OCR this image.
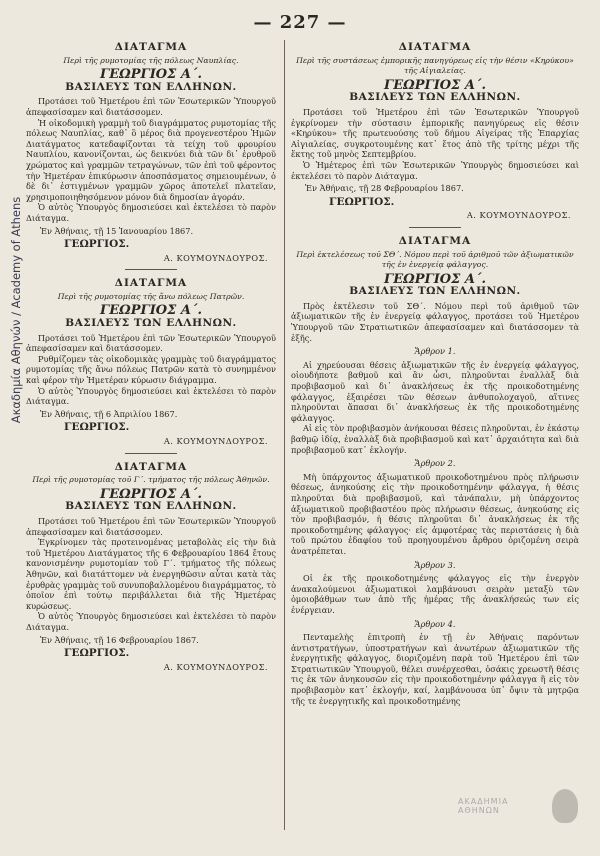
Ακαδημία Αθηνών / Academy of Athens
— 227 —
ΔΙΑΤΑΓΜΑ
Περὶ τῆς ρυμοτομίας τῆς πόλεως Ναυπλίας.
ΓΕΩΡΓΙΟΣ Α΄.
ΒΑΣΙΛΕΥΣ ΤΩΝ ΕΛΛΗΝΩΝ.

Προτάσει τοῦ Ἡμετέρου ἐπὶ τῶν Ἐσωτερικῶν Ὑπουργοῦ ἀπεφασίσαμεν καὶ διατάσσομεν.

Ἡ οἰκοδομικὴ γραμμὴ τοῦ διαγράμματος ρυμοτομίας τῆς πόλεως Ναυπλίας, καθ᾽ ὃ μέρος διὰ προγενεστέρου Ἡμῶν Διατάγματος κατεδαφίζονται τὰ τείχη τοῦ φρουρίου Ναυπλίου, κανονίζονται, ὡς δεικνύει διὰ τῶν δι᾽ ἐρυθροῦ χρώματος καὶ γραμμῶν τετραγώνων, τῶν ἐπὶ τοῦ φέροντος τὴν Ἡμετέραν ἐπικύρωσιν ἀποσπάσματος σημειουμένων, ὁ δὲ δι᾽ ἐστιγμένων γραμμῶν χῶρος ἀποτελεῖ πλατεῖαν, χρησιμοποιηθησόμενον μόνον διὰ δημοσίαν ἀγοράν.

Ὁ αὐτὸς Ὑπουργὸς δημοσιεύσει καὶ ἐκτελέσει τὸ παρὸν Διάταγμα.

Ἐν Ἀθήναις, τῇ 15 Ἰανουαρίου 1867.
ΓΕΩΡΓΙΟΣ.
Α. ΚΟΥΜΟΥΝΔΟΥΡΟΣ.
ΔΙΑΤΑΓΜΑ
Περὶ τῆς ρυμοτομίας τῆς ἄνω πόλεως Πατρῶν.
ΓΕΩΡΓΙΟΣ Α΄.
ΒΑΣΙΛΕΥΣ ΤΩΝ ΕΛΛΗΝΩΝ.

Προτάσει τοῦ Ἡμετέρου ἐπὶ τῶν Ἐσωτερικῶν Ὑπουργοῦ ἀπεφασίσαμεν καὶ διατάσσομεν.

Ρυθμίζομεν τὰς οἰκοδομικὰς γραμμὰς τοῦ διαγράμματος ρυμοτομίας τῆς ἄνω πόλεως Πατρῶν κατὰ τὸ συνημμένον καὶ φέρον τὴν Ἡμετέραν κύρωσιν διάγραμμα.

Ὁ αὐτὸς Ὑπουργὸς δημοσιεύσει καὶ ἐκτελέσει τὸ παρὸν Διάταγμα.

Ἐν Ἀθήναις, τῇ 6 Ἀπριλίου 1867.
ΓΕΩΡΓΙΟΣ.
Α. ΚΟΥΜΟΥΝΔΟΥΡΟΣ.
ΔΙΑΤΑΓΜΑ
Περὶ τῆς ρυμοτομίας τοῦ Γ΄. τμήματος τῆς πόλεως Ἀθηνῶν.
ΓΕΩΡΓΙΟΣ Α΄.
ΒΑΣΙΛΕΥΣ ΤΩΝ ΕΛΛΗΝΩΝ.

Προτάσει τοῦ Ἡμετέρου ἐπὶ τῶν Ἐσωτερικῶν Ὑπουργοῦ ἀπεφασίσαμεν καὶ διατάσσομεν.

Ἐγκρίνομεν τὰς προτεινομένας μεταβολὰς εἰς τὴν διὰ τοῦ Ἡμετέρου Διατάγματος τῆς 6 Φεβρουαρίου 1864 ἔτους κανονισμένην ρυμοτομίαν τοῦ Γ΄. τμήματος τῆς πόλεως Ἀθηνῶν, καὶ διατάττομεν νὰ ἐνεργηθῶσιν αὗται κατὰ τὰς ἐρυθρὰς γραμμὰς τοῦ συνυποβαλλομένου διαγράμματος, τὸ ὁποῖον ἐπὶ τούτῳ περιβάλλεται διὰ τῆς Ἡμετέρας κυρώσεως.

Ὁ αὐτὸς Ὑπουργὸς δημοσιεύσει καὶ ἐκτελέσει τὸ παρὸν Διάταγμα.

Ἐν Ἀθήναις, τῇ 16 Φεβρουαρίου 1867.
ΓΕΩΡΓΙΟΣ.
Α. ΚΟΥΜΟΥΝΔΟΥΡΟΣ.
ΔΙΑΤΑΓΜΑ
Περὶ τῆς συστάσεως ἐμπορικῆς πανηγύρεως εἰς τὴν θέσιν «Κηρύκου» τῆς Αἰγιαλείας.
ΓΕΩΡΓΙΟΣ Α΄.
ΒΑΣΙΛΕΥΣ ΤΩΝ ΕΛΛΗΝΩΝ.

Προτάσει τοῦ Ἡμετέρου ἐπὶ τῶν Ἐσωτερικῶν Ὑπουργοῦ ἐγκρίνομεν τὴν σύστασιν ἐμπορικῆς πανηγύρεως εἰς θέσιν «Κηρύκου» τῆς πρωτευούσης τοῦ δήμου Αἰγείρας τῆς Ἐπαρχίας Αἰγιαλείας, συγκροτουμένης κατ᾽ ἔτος ἀπὸ τῆς τρίτης μέχρι τῆς ἕκτης τοῦ μηνὸς Σεπτεμβρίου.

Ὁ Ἡμέτερος ἐπὶ τῶν Ἐσωτερικῶν Ὑπουργὸς δημοσιεύσει καὶ ἐκτελέσει τὸ παρὸν Διάταγμα.

Ἐν Ἀθήναις, τῇ 28 Φεβρουαρίου 1867.
ΓΕΩΡΓΙΟΣ.
Α. ΚΟΥΜΟΥΝΔΟΥΡΟΣ.
ΔΙΑΤΑΓΜΑ
Περὶ ἐκτελέσεως τοῦ ΣΘ΄. Νόμου περὶ τοῦ ἀριθμοῦ τῶν ἀξιωματικῶν τῆς ἐν ἐνεργείᾳ φάλαγγος.
ΓΕΩΡΓΙΟΣ Α΄.
ΒΑΣΙΛΕΥΣ ΤΩΝ ΕΛΛΗΝΩΝ.

Πρὸς ἐκτέλεσιν τοῦ ΣΘ΄. Νόμου περὶ τοῦ ἀριθμοῦ τῶν ἀξιωματικῶν τῆς ἐν ἐνεργείᾳ φάλαγγος, προτάσει τοῦ Ἡμετέρου Ὑπουργοῦ τῶν Στρατιωτικῶν ἀπεφασίσαμεν καὶ διατάσσομεν τὰ ἑξῆς.

Ἄρθρον 1.

Αἱ χηρεύουσαι θέσεις ἀξιωματικῶν τῆς ἐν ἐνεργείᾳ φάλαγγος, οἱουδήποτε βαθμοῦ καὶ ἂν ὦσι, πληροῦνται ἐναλλὰξ διὰ προβιβασμοῦ καὶ δι᾽ ἀνακλήσεως ἐκ τῆς προικοδοτημένης φάλαγγος, ἐξαιρέσει τῶν θέσεων ἀνθυπολοχαγοῦ, αἵτινες πληροῦνται ἅπασαι δι᾽ ἀνακλήσεως ἐκ τῆς προικοδοτημένης φάλαγγος.

Αἱ εἰς τὸν προβιβασμὸν ἀνήκουσαι θέσεις πληροῦνται, ἐν ἑκάστῳ βαθμῷ ἰδίᾳ, ἐναλλὰξ διὰ προβιβασμοῦ καὶ κατ᾽ ἀρχαιότητα καὶ διὰ προβιβασμοῦ κατ᾽ ἐκλογήν.

Ἄρθρον 2.

Μὴ ὑπάρχοντος ἀξιωματικοῦ προικοδοτημένου πρὸς πλήρωσιν θέσεως, ἀνηκούσης εἰς τὴν προικοδοτημένην φάλαγγα, ἡ θέσις πληροῦται διὰ προβιβασμοῦ, καὶ τἀνάπαλιν, μὴ ὑπάρχοντος ἀξιωματικοῦ προβιβαστέου πρὸς πλήρωσιν θέσεως, ἀνηκούσης εἰς τὸν προβιβασμόν, ἡ θέσις πληροῦται δι᾽ ἀνακλήσεως ἐκ τῆς προικοδοτημένης φάλαγγος· εἰς ἀμφοτέρας τὰς περιστάσεις ἡ διὰ τοῦ πρώτου ἐδαφίου τοῦ προηγουμένου ἄρθρου ὁριζομένη σειρὰ ἀνατρέπεται.

Ἄρθρον 3.

Οἱ ἐκ τῆς προικοδοτημένης φάλαγγος εἰς τὴν ἐνεργὸν ἀνακαλούμενοι ἀξιωματικοὶ λαμβάνουσι σειρὰν μεταξὺ τῶν ὁμοιοβάθμων των ἀπὸ τῆς ἡμέρας τῆς ἀνακλήσεώς των εἰς ἐνέργειαν.

Ἄρθρον 4.

Πενταμελὴς ἐπιτροπὴ ἐν τῇ ἐν Ἀθήναις παρόντων ἀντιστρατήγων, ὑποστρατήγων καὶ ἀνωτέρων ἀξιωματικῶν τῆς ἐνεργητικῆς φάλαγγος, διοριζομένη παρὰ τοῦ Ἡμετέρου ἐπὶ τῶν Στρατιωτικῶν Ὑπουργοῦ, θέλει συνέρχεσθαι, ὁσάκις χρεωστῆ θέσις τις ἐκ τῶν ἀνηκουσῶν εἰς τὴν προικοδοτημένην φάλαγγα ἢ εἰς τὸν προβιβασμὸν κατ᾽ ἐκλογήν, καί, λαμβάνουσα ὑπ᾽ ὄψιν τὰ μητρῷα τῆς τε ἐνεργητικῆς καὶ προικοδοτημένης

ΑΚΑΔΗΜΙΑ ΑΘΗΝΩΝ
